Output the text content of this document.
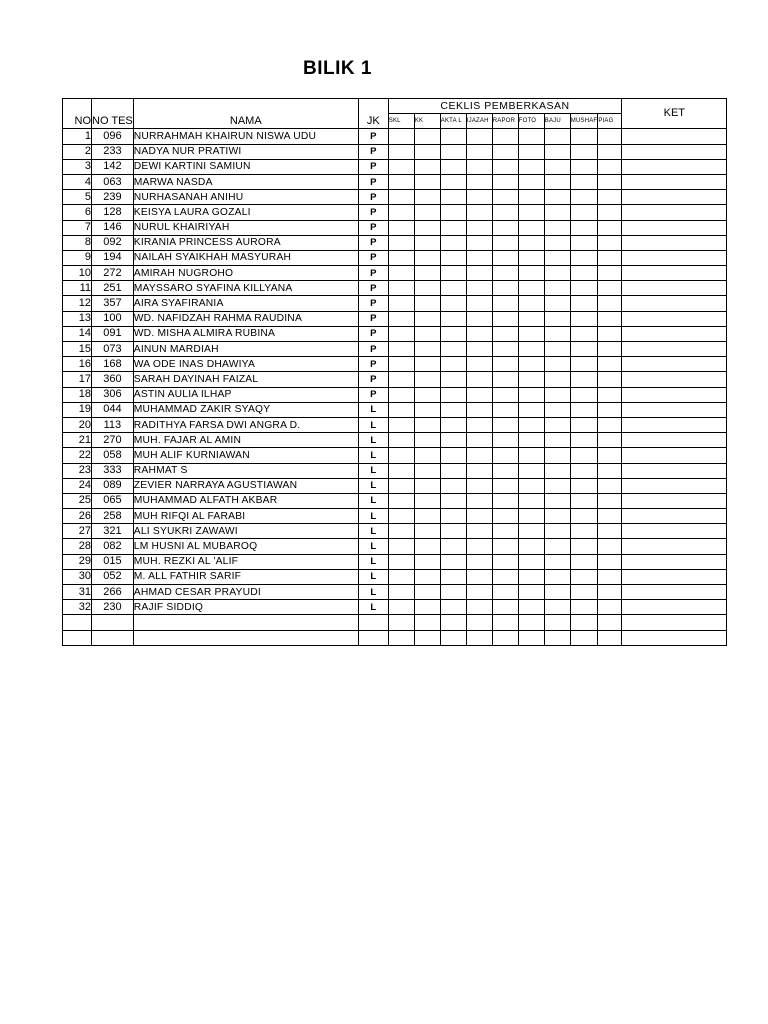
BILIK 1
NO	NO TES	NAMA	JK	CEKLIS PEMBERKASAN									KET
				SKL	KK	AKTA L	IJAZAH	RAPOR	FOTO	BAJU	MUSHAF	PIAG	
1	096	NURRAHMAH KHAIRUN NISWA UDU	P										
2	233	NADYA NUR PRATIWI	P										
3	142	DEWI KARTINI SAMIUN	P										
4	063	MARWA NASDA	P										
5	239	NURHASANAH ANIHU	P										
6	128	KEISYA LAURA GOZALI	P										
7	146	NURUL KHAIRIYAH	P										
8	092	KIRANIA PRINCESS AURORA	P										
9	194	NAILAH SYAIKHAH MASYURAH	P										
10	272	AMIRAH NUGROHO	P										
11	251	MAYSSARO SYAFINA KILLYANA	P										
12	357	AIRA SYAFIRANIA	P										
13	100	WD. NAFIDZAH RAHMA RAUDINA	P										
14	091	WD. MISHA ALMIRA RUBINA	P										
15	073	AINUN MARDIAH	P										
16	168	WA ODE INAS DHAWIYA	P										
17	360	SARAH DAYINAH FAIZAL	P										
18	306	ASTIN AULIA ILHAP	P										
19	044	MUHAMMAD ZAKIR SYAQY	L										
20	113	RADITHYA FARSA DWI ANGRA D.	L										
21	270	MUH. FAJAR AL AMIN	L										
22	058	MUH ALIF KURNIAWAN	L										
23	333	RAHMAT S	L										
24	089	ZEVIER NARRAYA AGUSTIAWAN	L										
25	065	MUHAMMAD ALFATH AKBAR	L										
26	258	MUH RIFQI AL FARABI	L										
27	321	ALI SYUKRI ZAWAWI	L										
28	082	LM HUSNI AL MUBAROQ	L										
29	015	MUH. REZKI AL 'ALIF	L										
30	052	M. ALL FATHIR SARIF	L										
31	266	AHMAD CESAR PRAYUDI	L										
32	230	RAJIF SIDDIQ	L										
